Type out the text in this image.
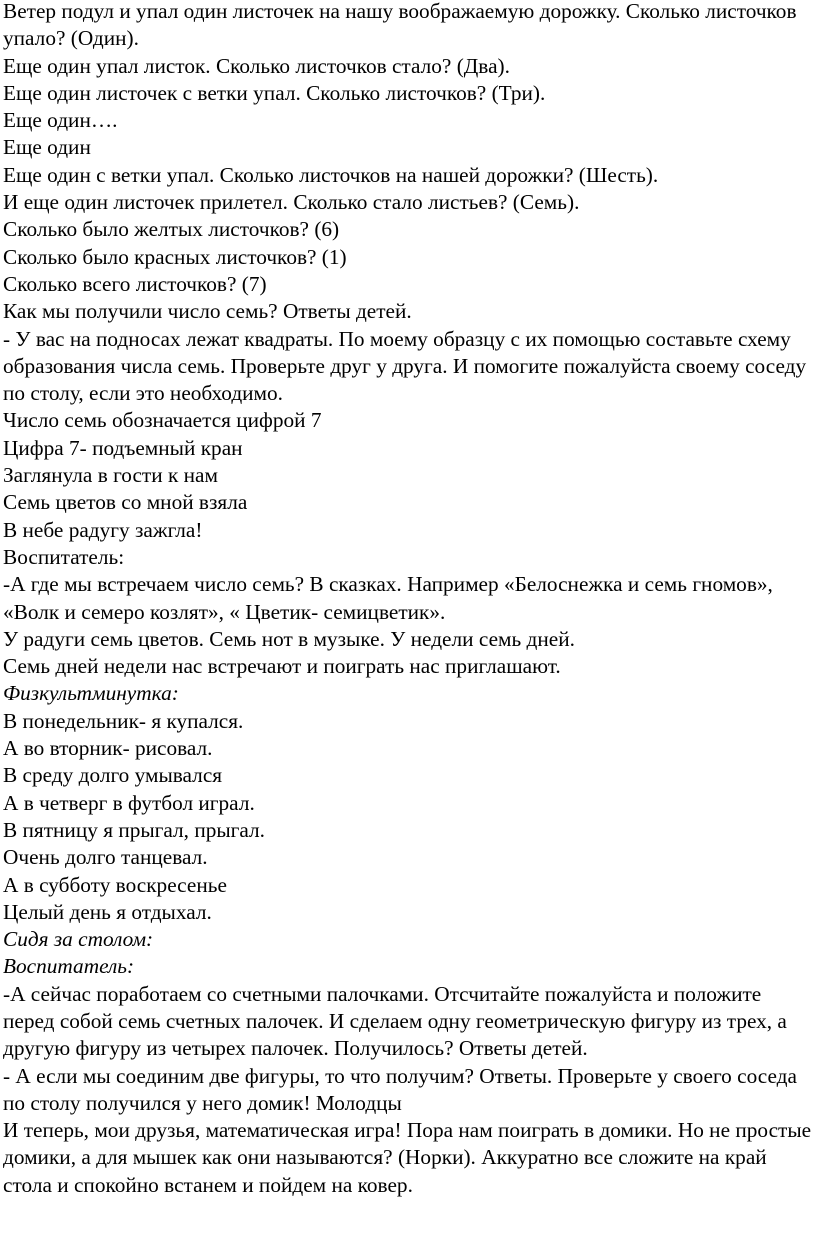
Ветер подул и упал один листочек на нашу воображаемую дорожку. Сколько листочков упало? (Один).

Еще один упал листок. Сколько листочков стало? (Два).

Еще один листочек с ветки упал. Сколько листочков? (Три).

Еще один….

Еще один

Еще один с ветки упал. Сколько листочков на нашей дорожки? (Шесть).

И еще один листочек прилетел. Сколько стало листьев? (Семь).

Сколько было желтых листочков? (6)

Сколько было красных листочков? (1)

Сколько всего листочков? (7)

Как мы получили число семь? Ответы детей.

- У вас на подносах лежат квадраты. По моему образцу с их помощью составьте схему образования числа семь. Проверьте друг у друга. И помогите пожалуйста своему соседу по столу, если это необходимо.

Число семь обозначается цифрой 7

Цифра 7- подъемный кран

Заглянула в гости к нам

Семь цветов со мной взяла

В небе радугу зажгла!

Воспитатель:

-А где мы встречаем число семь? В сказках. Например «Белоснежка и семь гномов», «Волк и семеро козлят», « Цветик- семицветик».

У радуги семь цветов. Семь нот в музыке. У недели семь дней.

Семь дней недели нас встречают и поиграть нас приглашают.

Физкультминутка:

В понедельник- я купался.

А во вторник- рисовал.

В среду долго умывался

А в четверг в футбол играл.

В пятницу я прыгал, прыгал.

Очень долго танцевал.

А в субботу воскресенье

Целый день я отдыхал.

Сидя за столом:

Воспитатель:

-А сейчас поработаем со счетными палочками. Отсчитайте пожалуйста и положите перед собой семь счетных палочек. И сделаем одну геометрическую фигуру из трех, а другую фигуру из четырех палочек. Получилось? Ответы детей.

- А если мы соединим две фигуры, то что получим? Ответы. Проверьте у своего соседа по столу получился у него домик! Молодцы

И теперь, мои друзья, математическая игра! Пора нам поиграть в домики. Но не простые домики, а для мышек как они называются? (Норки). Аккуратно все сложите на край стола и спокойно встанем и пойдем на ковер.
